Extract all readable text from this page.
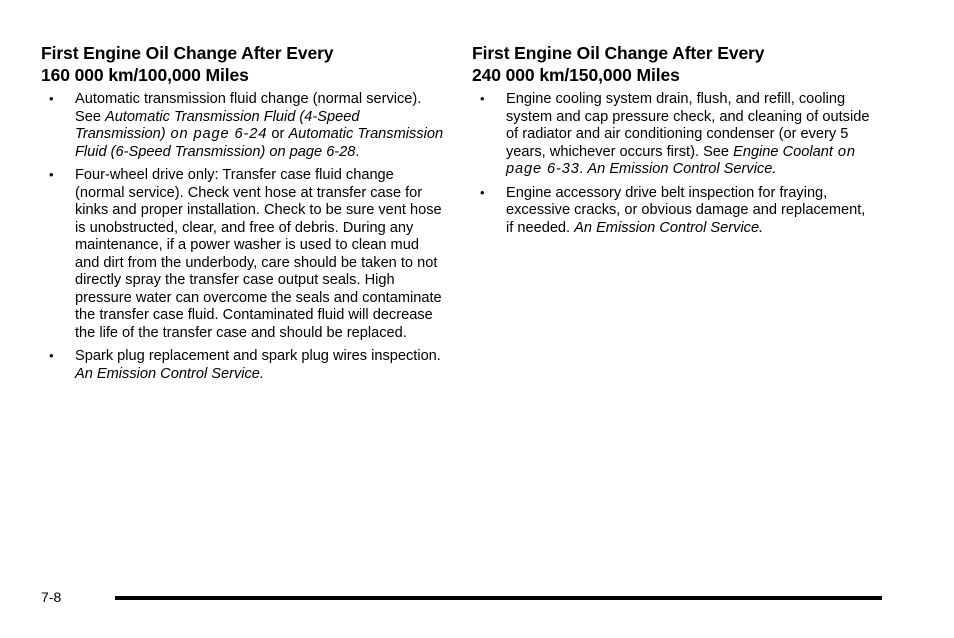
First Engine Oil Change After Every
160 000 km/100,000 Miles
• Automatic transmission fluid change (normal service). See Automatic Transmission Fluid (4-Speed Transmission) on page 6-24 or Automatic Transmission Fluid (6-Speed Transmission) on page 6-28.
• Four-wheel drive only: Transfer case fluid change (normal service). Check vent hose at transfer case for kinks and proper installation. Check to be sure vent hose is unobstructed, clear, and free of debris. During any maintenance, if a power washer is used to clean mud and dirt from the underbody, care should be taken to not directly spray the transfer case output seals. High pressure water can overcome the seals and contaminate the transfer case fluid. Contaminated fluid will decrease the life of the transfer case and should be replaced.
• Spark plug replacement and spark plug wires inspection. An Emission Control Service.
First Engine Oil Change After Every
240 000 km/150,000 Miles
• Engine cooling system drain, flush, and refill, cooling system and cap pressure check, and cleaning of outside of radiator and air conditioning condenser (or every 5 years, whichever occurs first). See Engine Coolant on page 6-33. An Emission Control Service.
• Engine accessory drive belt inspection for fraying, excessive cracks, or obvious damage and replacement, if needed. An Emission Control Service.
7-8
